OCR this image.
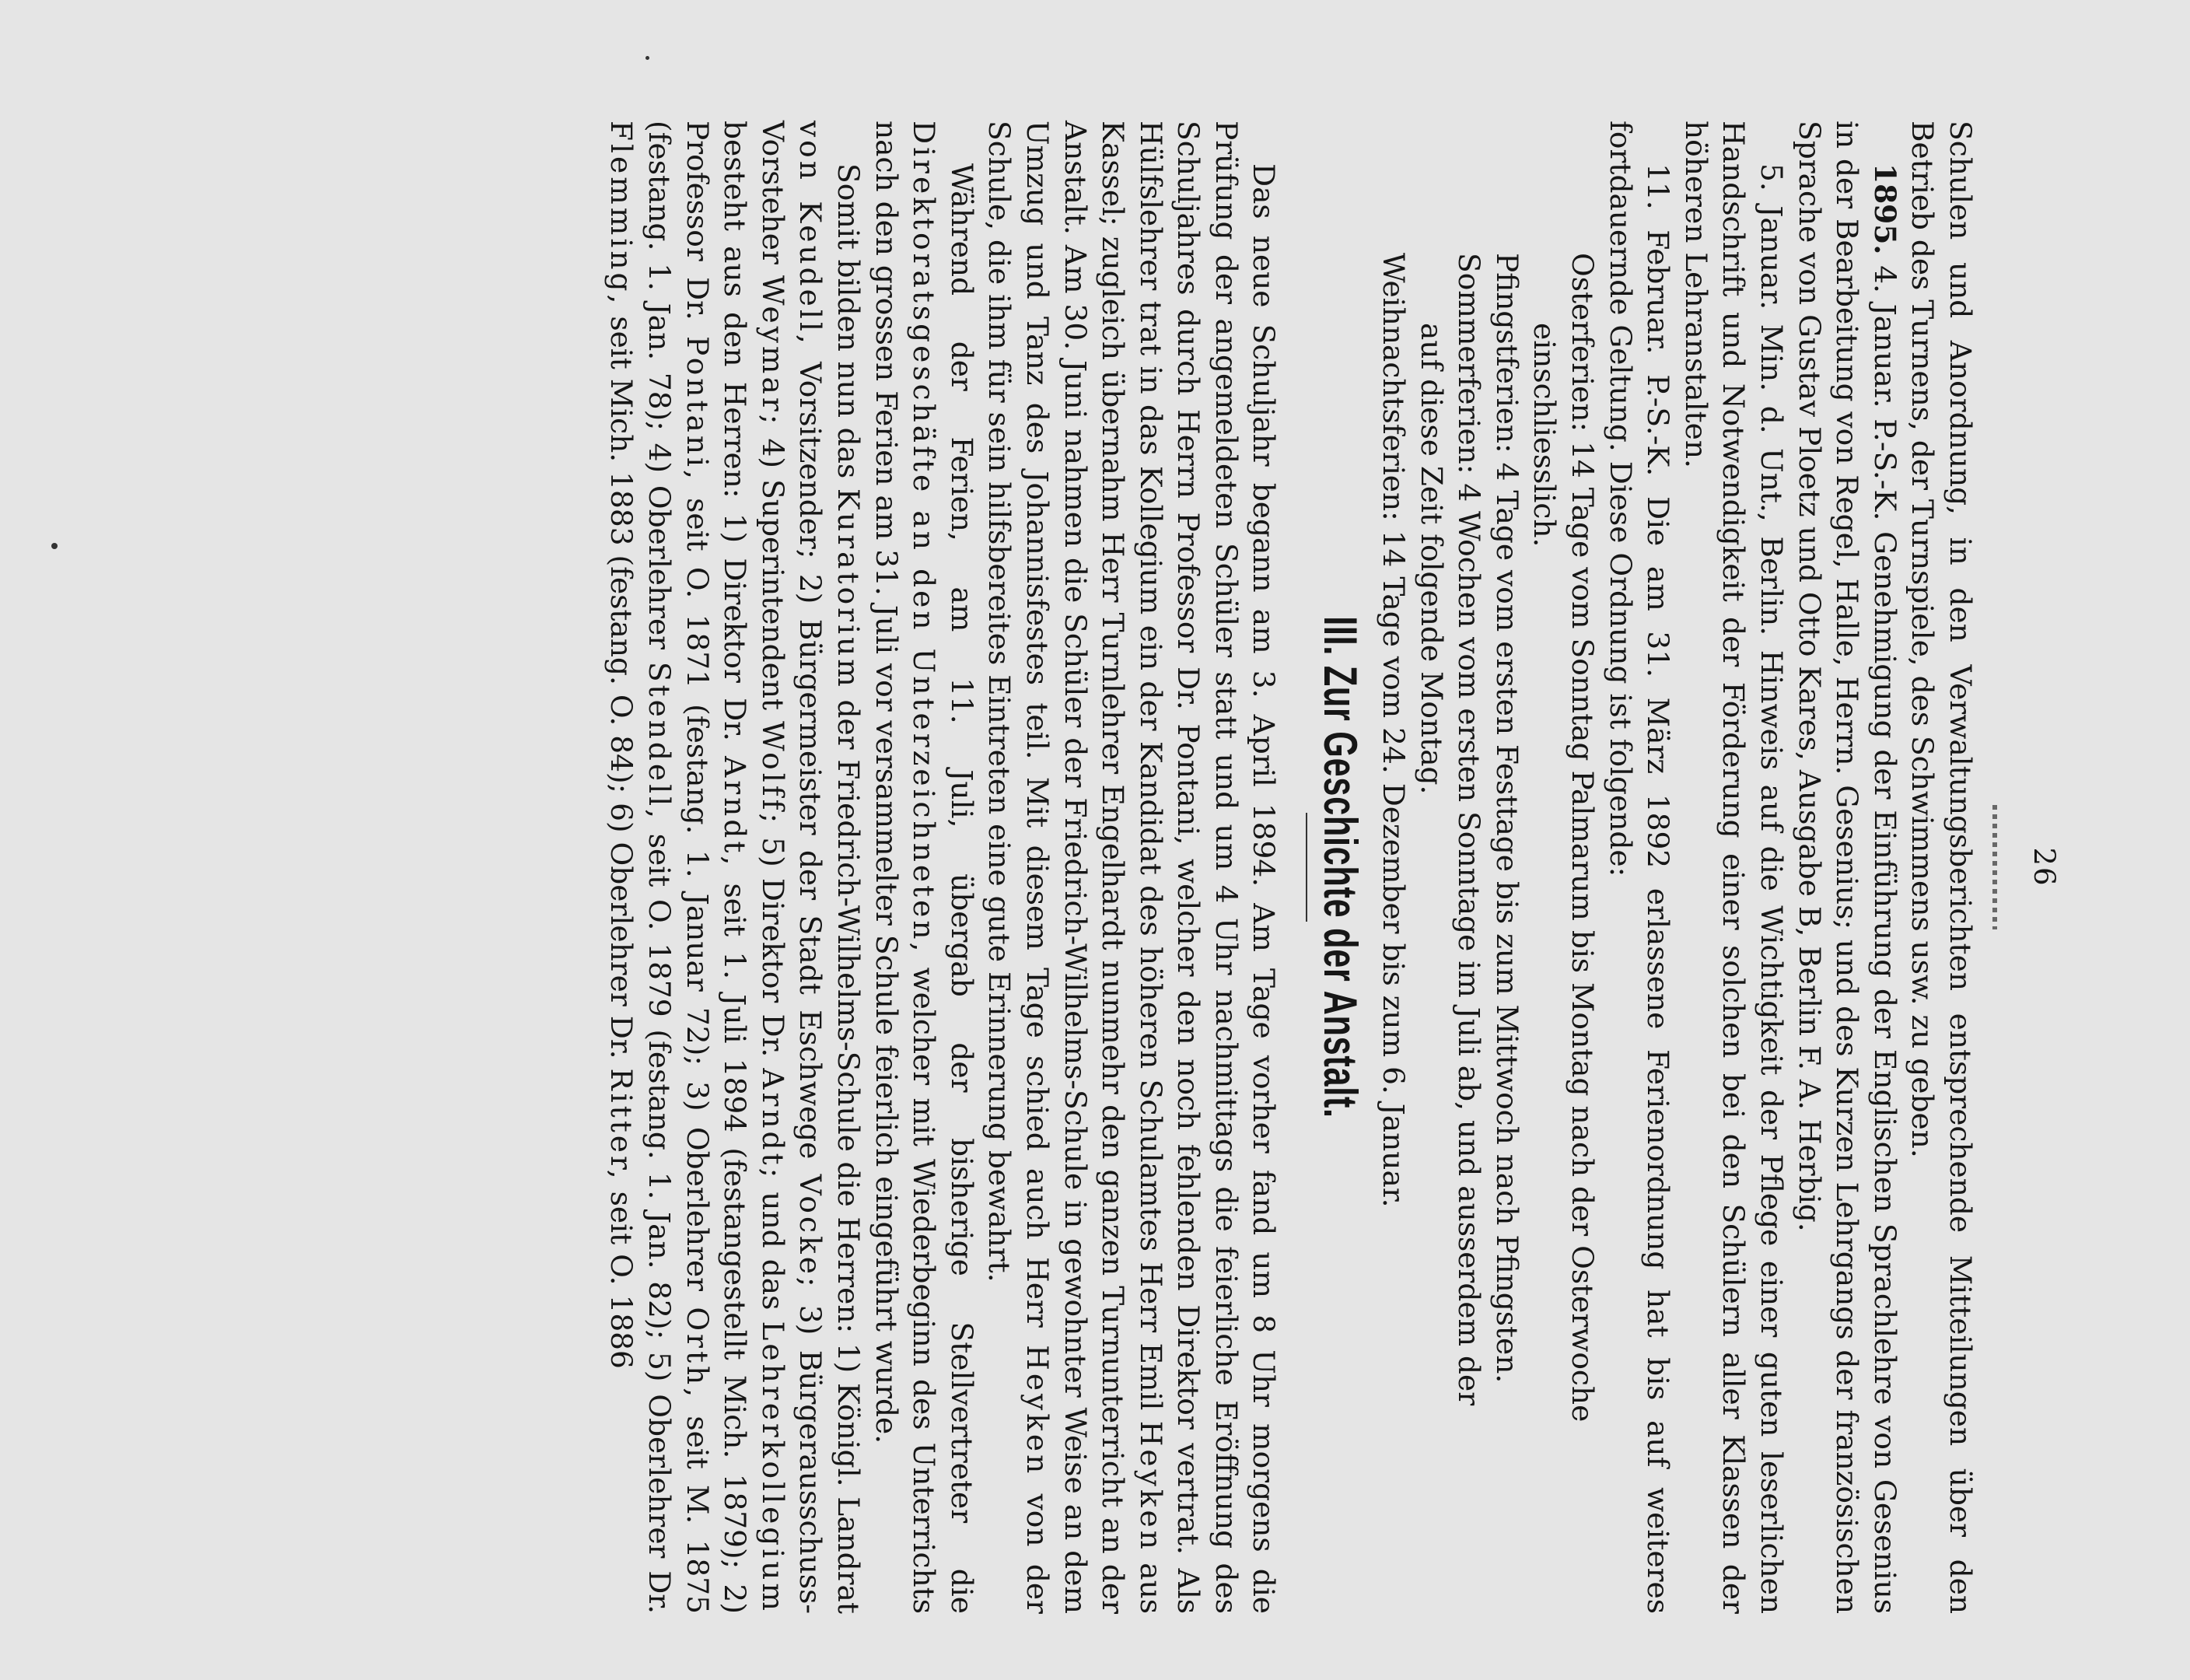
26

Schulen und Anordnung, in den Verwaltungsberichten entsprechende Mitteilungen über den Betrieb des Turnens, der Turnspiele, des Schwimmens usw. zu geben.

1895. 4. Januar. P.-S.-K. Genehmigung der Einführung der Englischen Sprachlehre von Gesenius in der Bearbeitung von Regel, Halle, Herrn. Gesenius; und des Kurzen Lehrgangs der französischen Sprache von Gustav Ploetz und Otto Kares, Ausgabe B, Berlin F. A. Herbig.

5. Januar. Min. d. Unt., Berlin. Hinweis auf die Wichtigkeit der Pflege einer guten leserlichen Handschrift und Notwendigkeit der Förderung einer solchen bei den Schülern aller Klassen der höheren Lehranstalten.

11. Februar. P.-S.-K. Die am 31. März 1892 erlassene Ferienordnung hat bis auf weiteres fortdauernde Geltung. Diese Ordnung ist folgende:

Osterferien: 14 Tage vom Sonntag Palmarum bis Montag nach der Osterwoche

einschliesslich.

Pfingstferien: 4 Tage vom ersten Festtage bis zum Mittwoch nach Pfingsten.

Sommerferien: 4 Wochen vom ersten Sonntage im Juli ab, und ausserdem der

auf diese Zeit folgende Montag.

Weihnachtsferien: 14 Tage vom 24. Dezember bis zum 6. Januar.

III. Zur Geschichte der Anstalt.

Das neue Schuljahr begann am 3. April 1894. Am Tage vorher fand um 8 Uhr morgens die Prüfung der angemeldeten Schüler statt und um 4 Uhr nachmittags die feierliche Eröffnung des Schuljahres durch Herrn Professor Dr. Pontani, welcher den noch fehlenden Direktor vertrat. Als Hülfslehrer trat in das Kollegium ein der Kandidat des höheren Schulamtes Herr Emil Heyken aus Kassel; zugleich übernahm Herr Turnlehrer Engelhardt nunmehr den ganzen Turnunterricht an der Anstalt. Am 30. Juni nahmen die Schüler der Friedrich-Wilhelms-Schule in gewohnter Weise an dem Umzug und Tanz des Johannisfestes teil. Mit diesem Tage schied auch Herr Heyken von der Schule, die ihm für sein hilfsbereites Eintreten eine gute Erinnerung bewahrt.

Während der Ferien, am 11. Juli, übergab der bisherige Stellvertreter die Direktoratsgeschäfte an den Unterzeichneten, welcher mit Wiederbeginn des Unterrichts nach den grossen Ferien am 31. Juli vor versammelter Schule feierlich eingeführt wurde.

Somit bilden nun das Kuratorium der Friedrich-Wilhelms-Schule die Herren: 1) Königl. Landrat von Keudell, Vorsitzender; 2) Bürgermeister der Stadt Eschwege Vocke; 3) Bürgerausschuss-Vorsteher Weymar; 4) Superintendent Wolff; 5) Direktor Dr. Arndt; und das Lehrerkollegium besteht aus den Herren: 1) Direktor Dr. Arndt, seit 1. Juli 1894 (festangestellt Mich. 1879); 2) Professor Dr. Pontani, seit O. 1871 (festang. 1. Januar 72); 3) Oberlehrer Orth, seit M. 1875 (festang. 1. Jan. 78); 4) Oberlehrer Stendell, seit O. 1879 (festang. 1. Jan. 82); 5) Oberlehrer Dr. Flemming, seit Mich. 1883 (festang. O. 84); 6) Oberlehrer Dr. Ritter, seit O. 1886
